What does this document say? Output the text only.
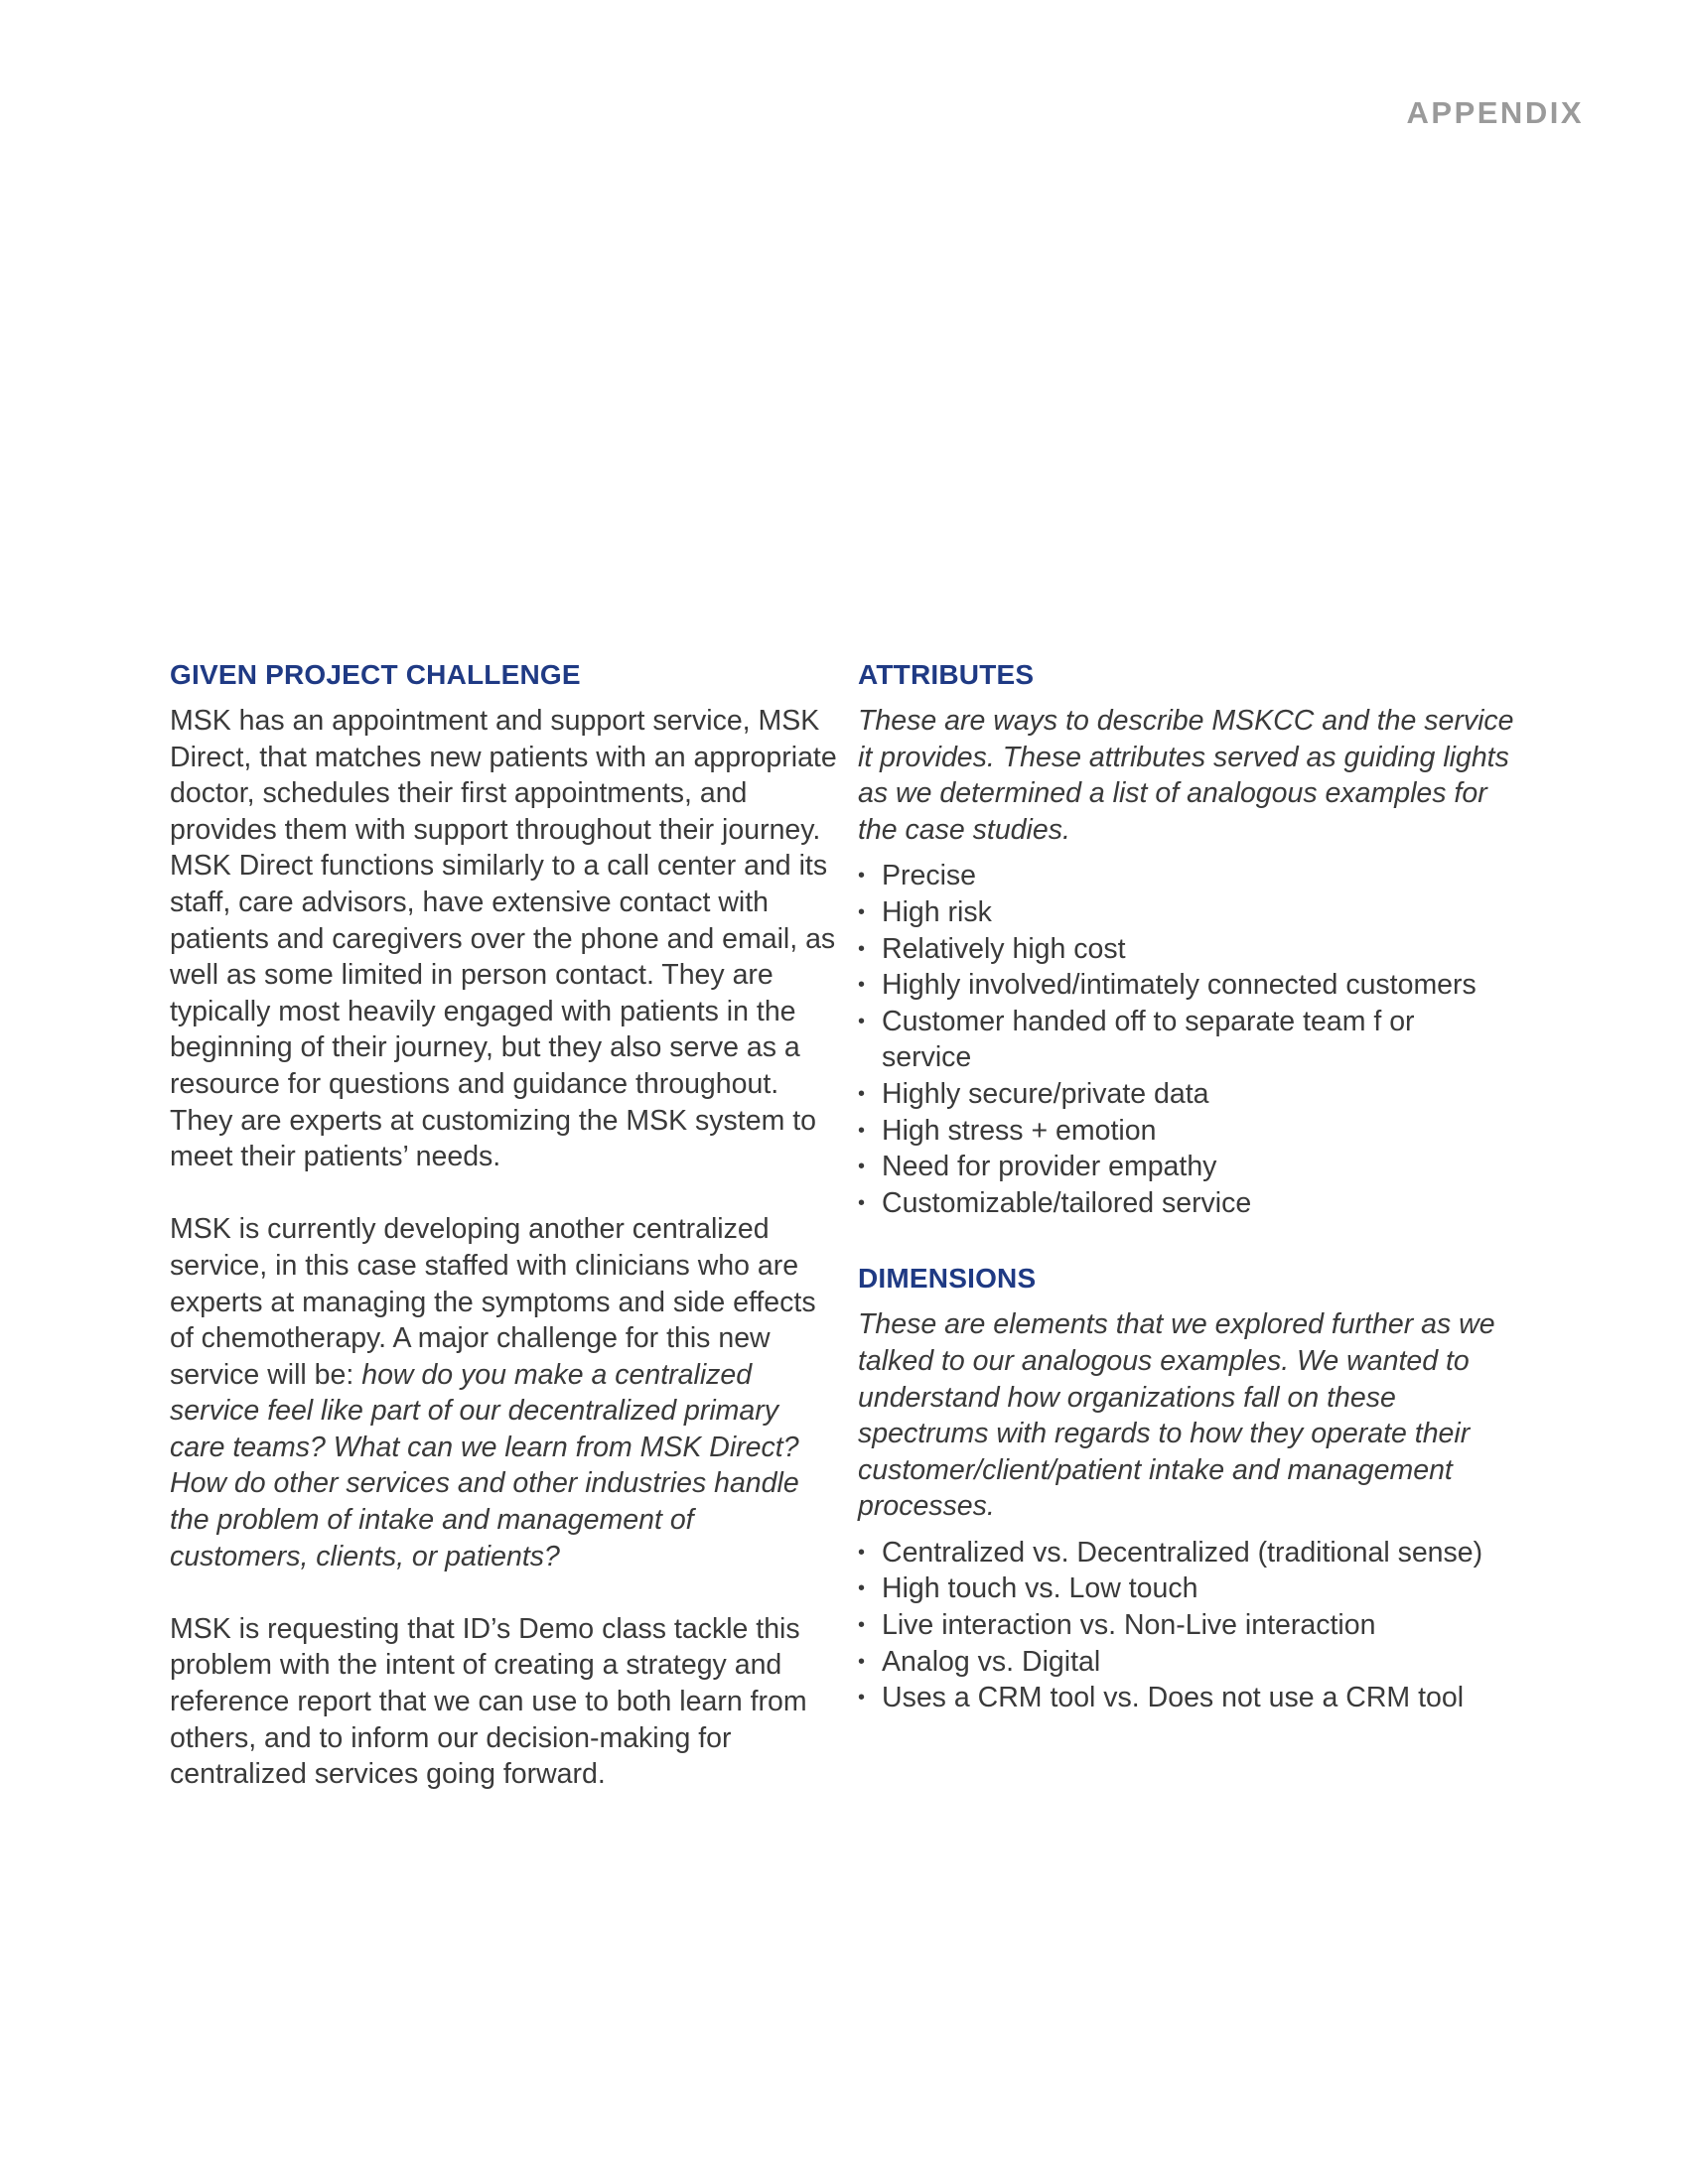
APPENDIX
GIVEN PROJECT CHALLENGE

MSK has an appointment and support service, MSK Direct, that matches new patients with an appropriate doctor, schedules their first appointments, and provides them with support throughout their journey. MSK Direct functions similarly to a call center and its staff, care advisors, have extensive contact with patients and caregivers over the phone and email, as well as some limited in person contact. They are typically most heavily engaged with patients in the beginning of their journey, but they also serve as a resource for questions and guidance throughout. They are experts at customizing the MSK system to meet their patients’ needs.

MSK is currently developing another centralized service, in this case staffed with clinicians who are experts at managing the symptoms and side effects of chemotherapy. A major challenge for this new service will be: how do you make a centralized service feel like part of our decentralized primary care teams? What can we learn from MSK Direct? How do other services and other industries handle the problem of intake and management of customers, clients, or patients?

MSK is requesting that ID’s Demo class tackle this problem with the intent of creating a strategy and reference report that we can use to both learn from others, and to inform our decision-making for centralized services going forward.

ATTRIBUTES

These are ways to describe MSKCC and the service it provides. These attributes served as guiding lights as we determined a list of analogous examples for the case studies.

• Precise
• High risk
• Relatively high cost
• Highly involved/intimately connected customers
• Customer handed off to separate team f or service
• Highly secure/private data
• High stress + emotion
• Need for provider empathy
• Customizable/tailored service
DIMENSIONS

These are elements that we explored further as we talked to our analogous examples. We wanted to understand how organizations fall on these spectrums with regards to how they operate their customer/client/patient intake and management processes.

• Centralized vs. Decentralized (traditional sense)
• High touch vs. Low touch
• Live interaction vs. Non-Live interaction
• Analog vs. Digital
• Uses a CRM tool vs. Does not use a CRM tool
